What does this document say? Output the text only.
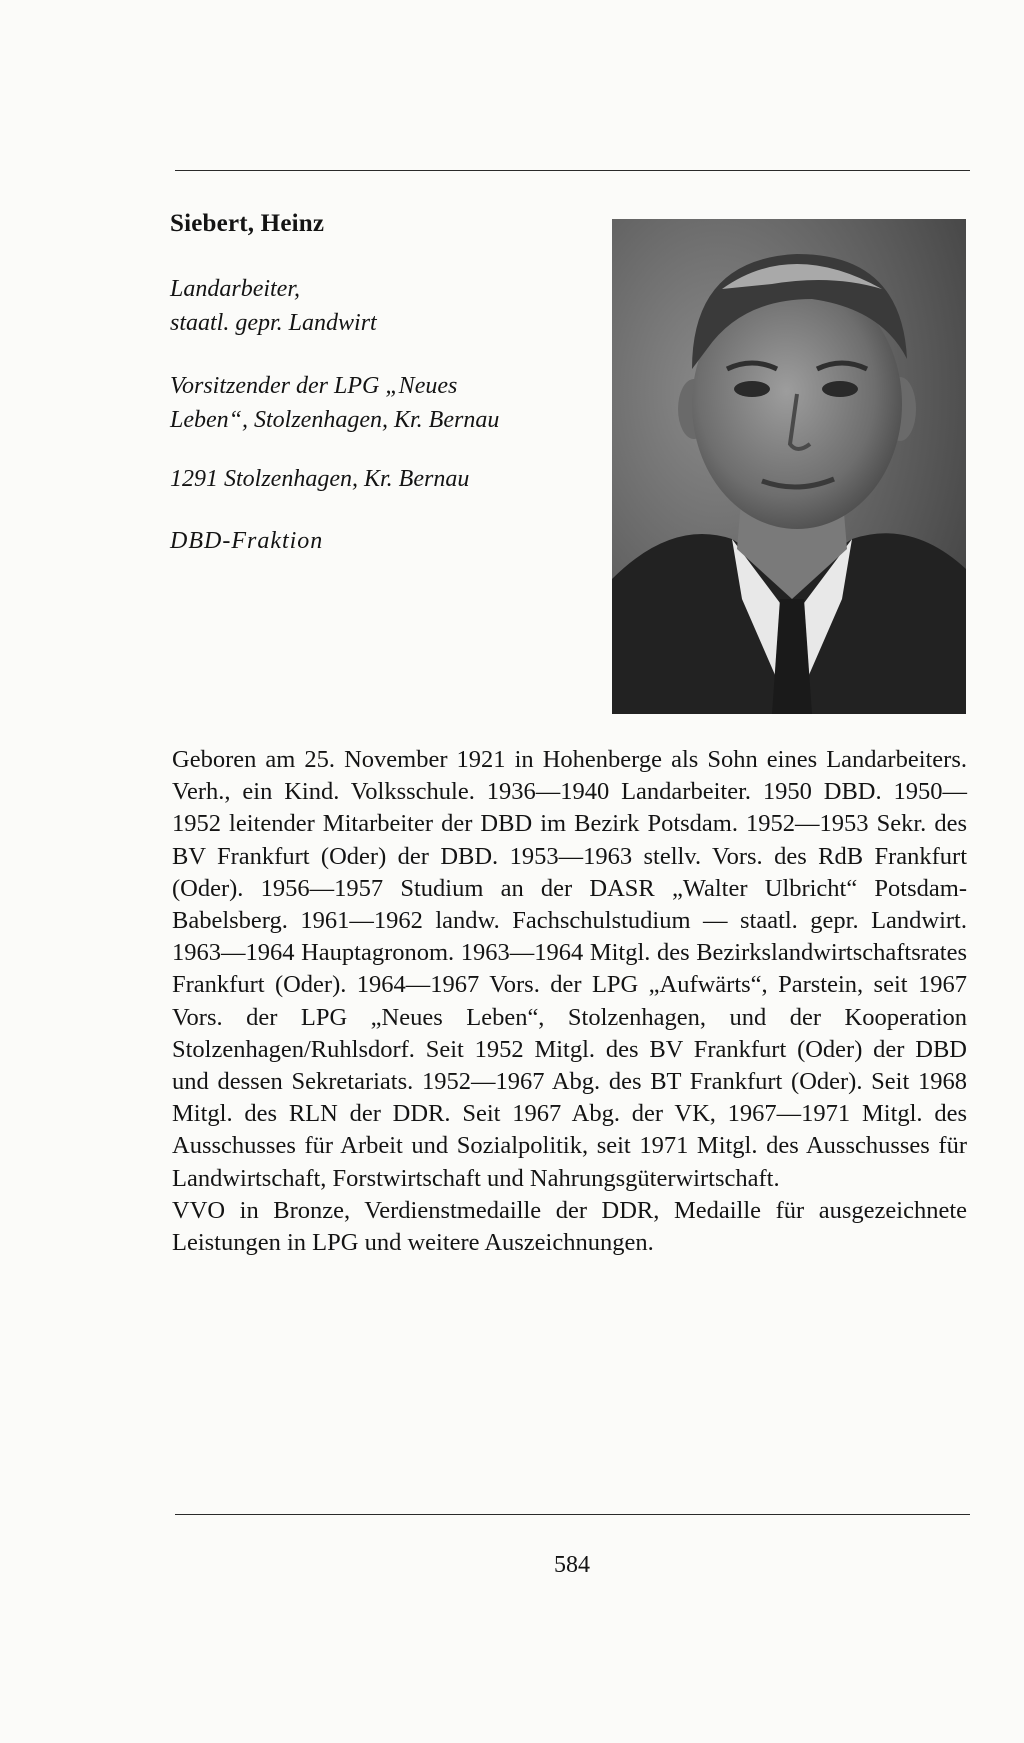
Siebert, Heinz
Landarbeiter,
staatl. gepr. Landwirt
Vorsitzender der LPG „Neues
Leben“, Stolzenhagen, Kr. Bernau
1291 Stolzenhagen, Kr. Bernau
DBD-Fraktion

Geboren am 25. November 1921 in Hohenberge als Sohn eines Landarbeiters. Verh., ein Kind. Volksschule. 1936—1940 Landarbeiter. 1950 DBD. 1950—1952 leitender Mitarbeiter der DBD im Bezirk Potsdam. 1952—1953 Sekr. des BV Frankfurt (Oder) der DBD. 1953—1963 stellv. Vors. des RdB Frankfurt (Oder). 1956—1957 Studium an der DASR „Walter Ulbricht“ Potsdam-Babelsberg. 1961—1962 landw. Fachschulstudium — staatl. gepr. Landwirt. 1963—1964 Hauptagronom. 1963—1964 Mitgl. des Bezirkslandwirtschaftsrates Frankfurt (Oder). 1964—1967 Vors. der LPG „Aufwärts“, Parstein, seit 1967 Vors. der LPG „Neues Leben“, Stolzenhagen, und der Kooperation Stolzenhagen/Ruhlsdorf. Seit 1952 Mitgl. des BV Frankfurt (Oder) der DBD und dessen Sekretariats. 1952—1967 Abg. des BT Frankfurt (Oder). Seit 1968 Mitgl. des RLN der DDR. Seit 1967 Abg. der VK, 1967—1971 Mitgl. des Ausschusses für Arbeit und Sozialpolitik, seit 1971 Mitgl. des Ausschusses für Landwirtschaft, Forstwirtschaft und Nahrungsgüterwirtschaft.

VVO in Bronze, Verdienstmedaille der DDR, Medaille für ausgezeichnete Leistungen in LPG und weitere Auszeichnungen.

584
